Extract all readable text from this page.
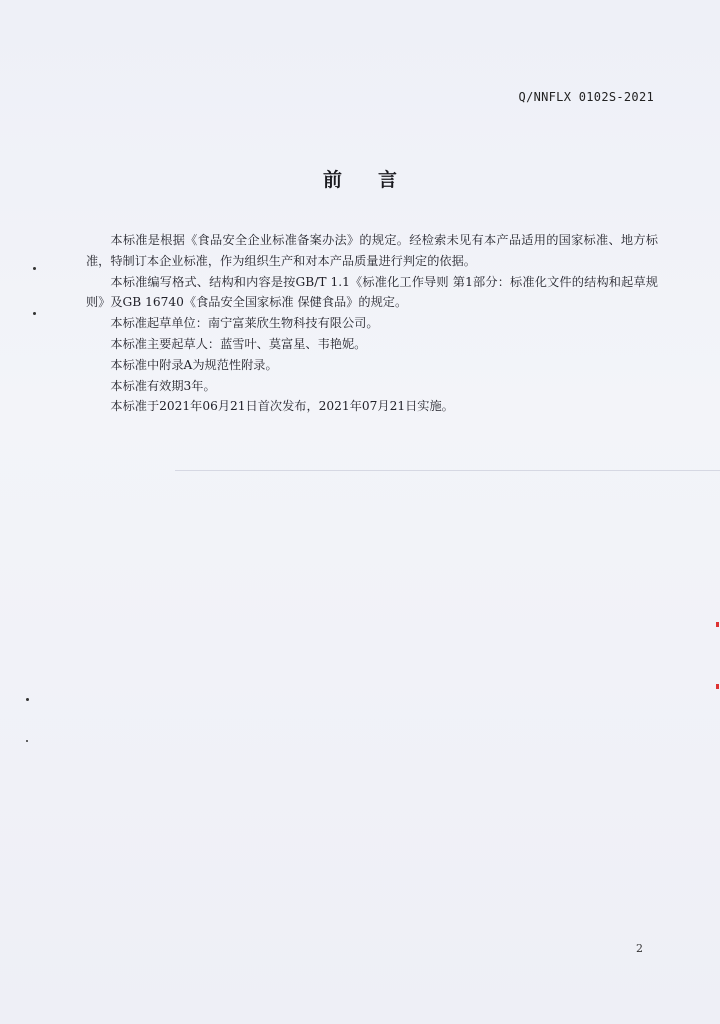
Q/NNFLX 0102S-2021
前言

本标准是根据《食品安全企业标准备案办法》的规定。经检索未见有本产品适用的国家标准、地方标准，特制订本企业标准，作为组织生产和对本产品质量进行判定的依据。

本标准编写格式、结构和内容是按GB/T 1.1《标准化工作导则 第1部分：标准化文件的结构和起草规则》及GB 16740《食品安全国家标准 保健食品》的规定。

本标准起草单位：南宁富莱欣生物科技有限公司。

本标准主要起草人：蓝雪叶、莫富星、韦艳妮。

本标准中附录A为规范性附录。

本标准有效期3年。

本标准于2021年06月21日首次发布，2021年07月21日实施。

2
